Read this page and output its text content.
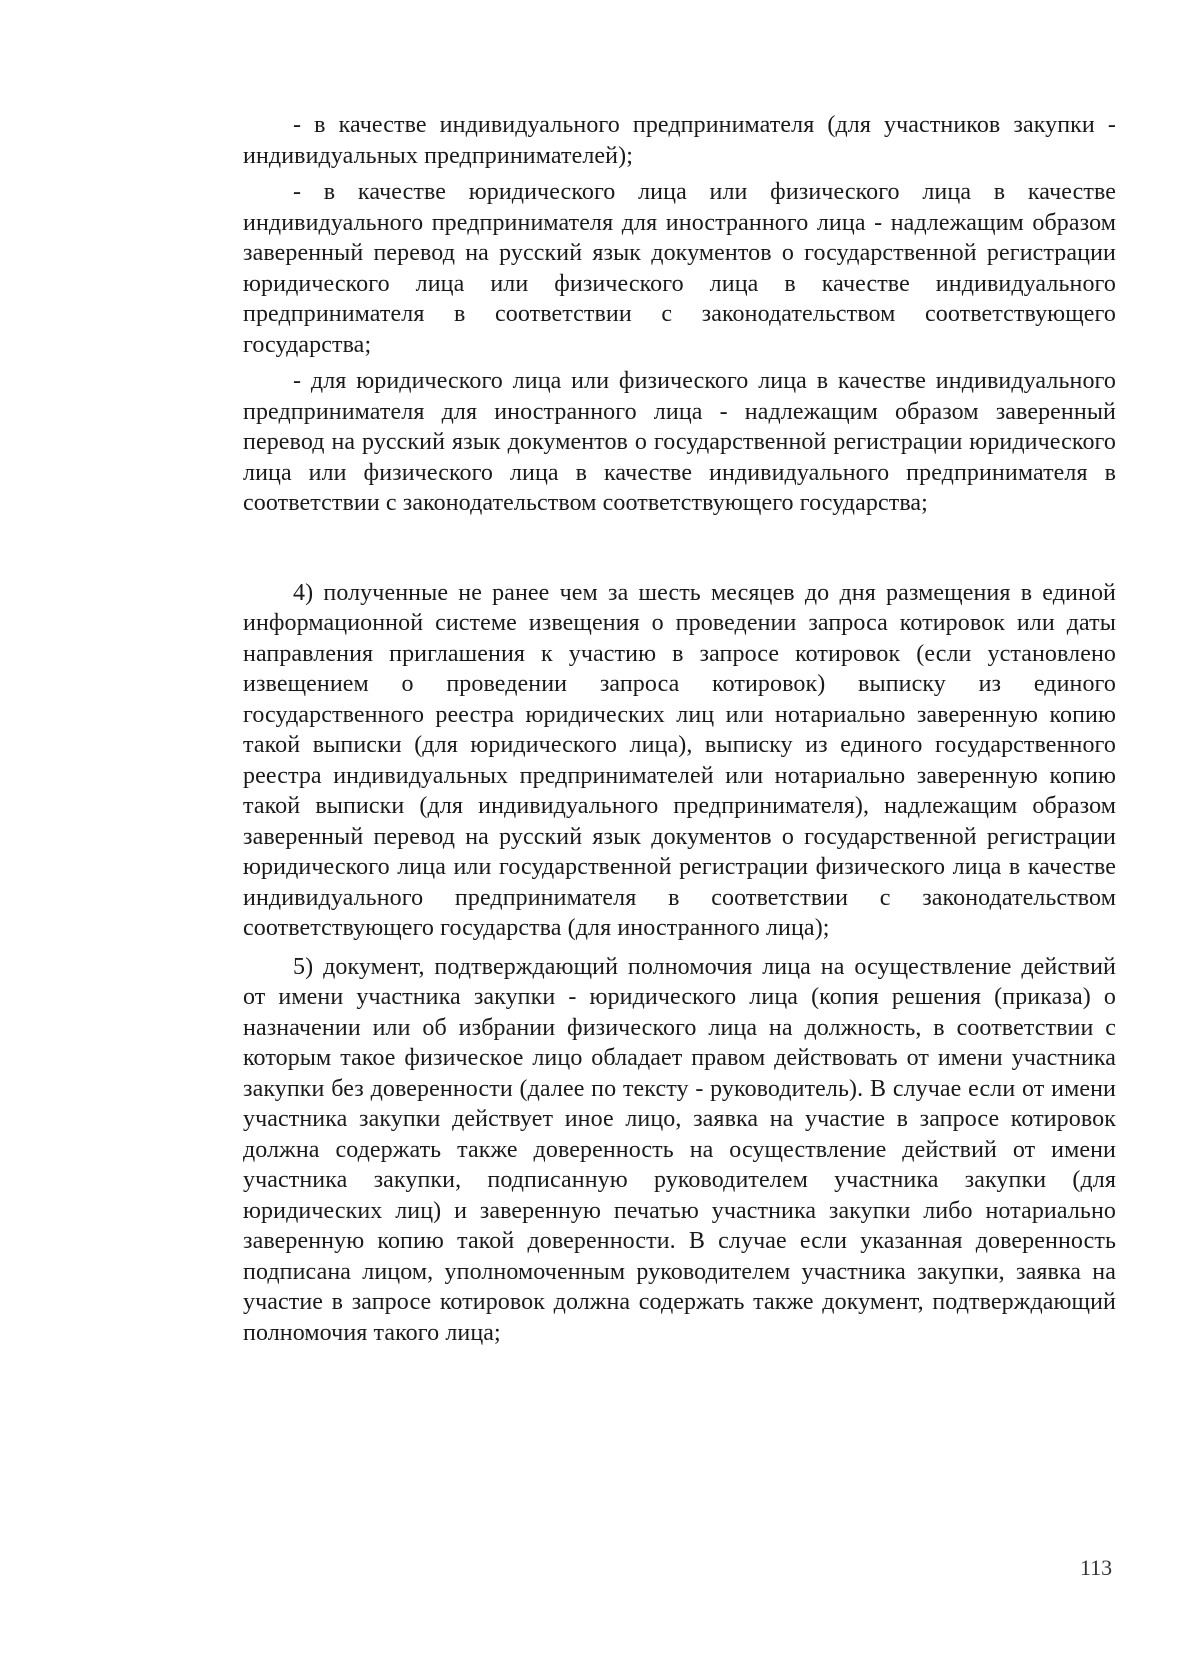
- в качестве индивидуального предпринимателя (для участников закупки - индивидуальных предпринимателей);

- в качестве юридического лица или физического лица в качестве индивидуального предпринимателя для иностранного лица - надлежащим образом заверенный перевод на русский язык документов о государственной регистрации юридического лица или физического лица в качестве индивидуального предпринимателя в соответствии с законодательством соответствующего государства;

- для юридического лица или физического лица в качестве индивидуального предпринимателя для иностранного лица - надлежащим образом заверенный перевод на русский язык документов о государственной регистрации юридического лица или физического лица в качестве индивидуального предпринимателя в соответствии с законодательством соответствующего государства;

4) полученные не ранее чем за шесть месяцев до дня размещения в единой информационной системе извещения о проведении запроса котировок или даты направления приглашения к участию в запросе котировок (если установлено извещением о проведении запроса котировок) выписку из единого государственного реестра юридических лиц или нотариально заверенную копию такой выписки (для юридического лица), выписку из единого государственного реестра индивидуальных предпринимателей или нотариально заверенную копию такой выписки (для индивидуального предпринимателя), надлежащим образом заверенный перевод на русский язык документов о государственной регистрации юридического лица или государственной регистрации физического лица в качестве индивидуального предпринимателя в соответствии с законодательством соответствующего государства (для иностранного лица);

5) документ, подтверждающий полномочия лица на осуществление действий от имени участника закупки - юридического лица (копия решения (приказа) о назначении или об избрании физического лица на должность, в соответствии с которым такое физическое лицо обладает правом действовать от имени участника закупки без доверенности (далее по тексту - руководитель). В случае если от имени участника закупки действует иное лицо, заявка на участие в запросе котировок должна содержать также доверенность на осуществление действий от имени участника закупки, подписанную руководителем участника закупки (для юридических лиц) и заверенную печатью участника закупки либо нотариально заверенную копию такой доверенности. В случае если указанная доверенность подписана лицом, уполномоченным руководителем участника закупки, заявка на участие в запросе котировок должна содержать также документ, подтверждающий полномочия такого лица;

113
